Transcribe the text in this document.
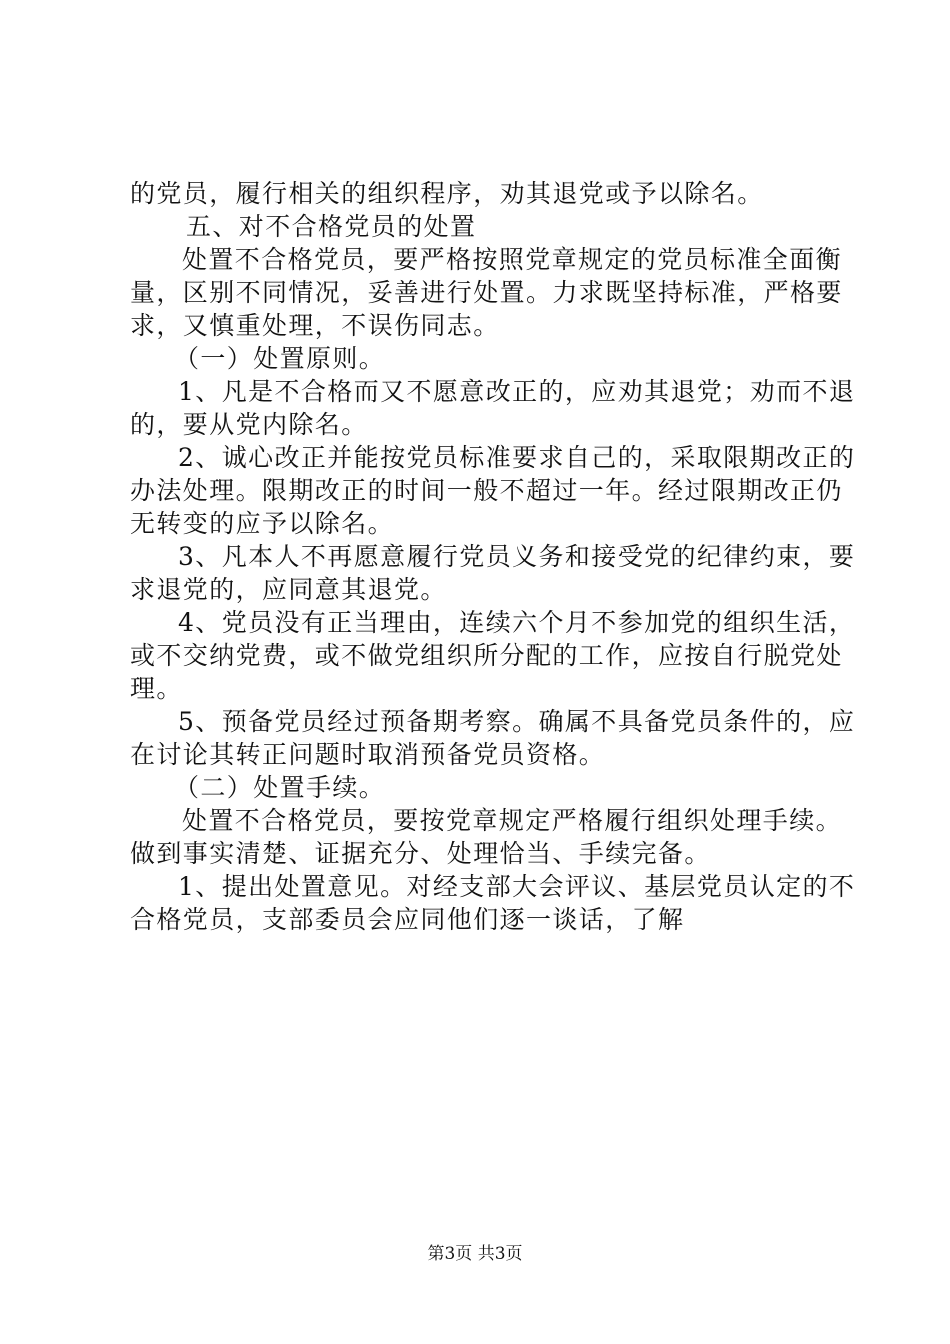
的党员，履行相关的组织程序，劝其退党或予以除名。
五、对不合格党员的处置
处置不合格党员，要严格按照党章规定的党员标准全面衡
量，区别不同情况，妥善进行处置。力求既坚持标准，严格要
求，又慎重处理，不误伤同志。
（一）处置原则。
1、凡是不合格而又不愿意改正的，应劝其退党；劝而不退
的，要从党内除名。
2、诚心改正并能按党员标准要求自己的，采取限期改正的
办法处理。限期改正的时间一般不超过一年。经过限期改正仍
无转变的应予以除名。
3、凡本人不再愿意履行党员义务和接受党的纪律约束，要
求退党的，应同意其退党。
4、党员没有正当理由，连续六个月不参加党的组织生活，
或不交纳党费，或不做党组织所分配的工作，应按自行脱党处
理。
5、预备党员经过预备期考察。确属不具备党员条件的，应
在讨论其转正问题时取消预备党员资格。
（二）处置手续。
处置不合格党员，要按党章规定严格履行组织处理手续。
做到事实清楚、证据充分、处理恰当、手续完备。
1、提出处置意见。对经支部大会评议、基层党员认定的不
合格党员，支部委员会应同他们逐一谈话，了解
第3页 共3页
